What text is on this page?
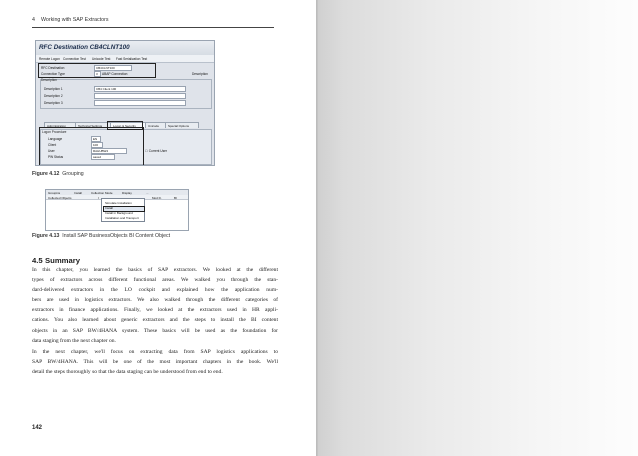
4 Working with SAP Extractors
RFC Destination CB4CLNT100
Remote Logon Connection Test Unicode Test Fast Serialization Test
RFC Destination	CB4CLNT100
Connection Type	3 ABAP Connection	Description
Description
Description 1	CB4 Client 100
Description 2
Description 3
Administration	Technical Settings	Logon & Security	Unicode	Special Options
Logon Procedure
Language	EN
Client	100
User	RAHUBW4	☐ Current User
PW Status	saved
Figure 4.12 Grouping
Groupins	Install	Collection Mode	Display	...
Collected Objects	I	Mod D.	BI
Simulate Installation
Install
Install in Background
Installation and Transport
Figure 4.13 Install SAP BusinessObjects BI Content Object
4.5 Summary
In this chapter, you learned the basics of SAP extractors. We looked at the different
types of extractors across different functional areas. We walked you through the stan-
dard-delivered extractors in the LO cockpit and explained how the application num-
bers are used in logistics extractors. We also walked through the different categories of
extractors in finance applications. Finally, we looked at the extractors used in HR appli-
cations. You also learned about generic extractors and the steps to install the BI content
objects in an SAP BW/4HANA system. These basics will be used as the foundation for
data staging from the next chapter on.
In the next chapter, we'll focus on extracting data from SAP logistics applications to
SAP BW/4HANA. This will be one of the most important chapters in the book. We'll
detail the steps thoroughly so that the data staging can be understood from end to end.
142
